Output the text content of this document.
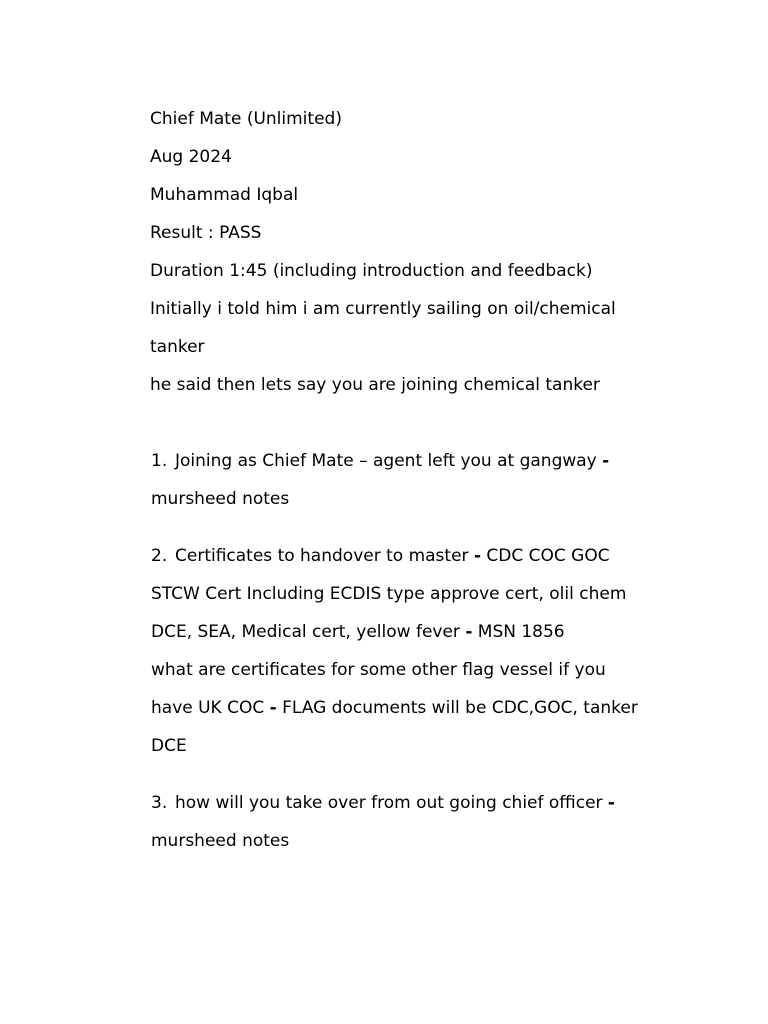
Chief Mate (Unlimited)
Aug 2024
Muhammad Iqbal
Result : PASS
Duration 1:45 (including introduction and feedback)
Initially i told him i am currently sailing on oil/chemical
tanker
he said then lets say you are joining chemical tanker
1. Joining as Chief Mate – agent left you at gangway -
mursheed notes
2. Certificates to handover to master - CDC COC GOC
STCW Cert Including ECDIS type approve cert, olil chem
DCE, SEA, Medical cert, yellow fever - MSN 1856
what are certificates for some other flag vessel if you
have UK COC - FLAG documents will be CDC,GOC, tanker
DCE
3. how will you take over from out going chief officer -
mursheed notes
